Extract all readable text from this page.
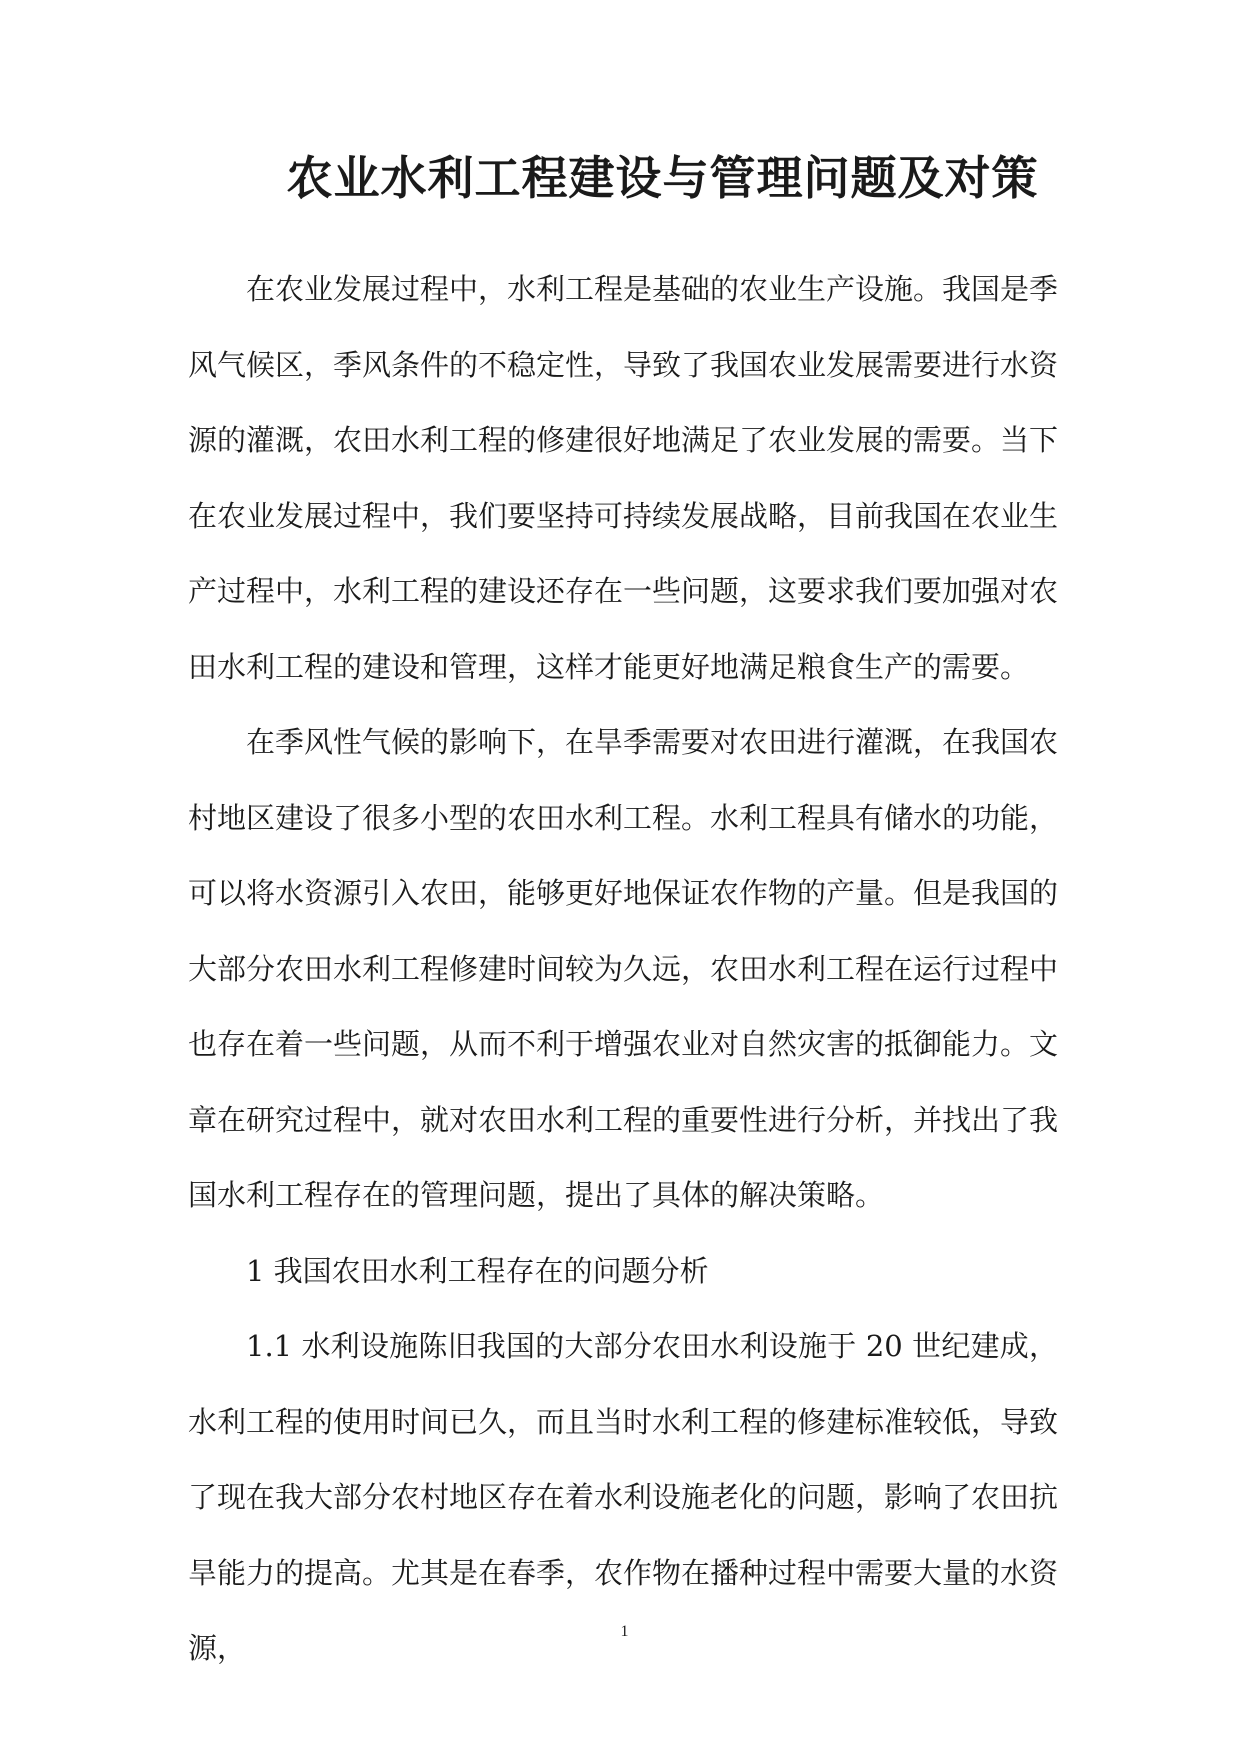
农业水利工程建设与管理问题及对策

在农业发展过程中，水利工程是基础的农业生产设施。我国是季风气候区，季风条件的不稳定性，导致了我国农业发展需要进行水资源的灌溉，农田水利工程的修建很好地满足了农业发展的需要。当下在农业发展过程中，我们要坚持可持续发展战略，目前我国在农业生产过程中，水利工程的建设还存在一些问题，这要求我们要加强对农田水利工程的建设和管理，这样才能更好地满足粮食生产的需要。

在季风性气候的影响下，在旱季需要对农田进行灌溉，在我国农村地区建设了很多小型的农田水利工程。水利工程具有储水的功能，可以将水资源引入农田，能够更好地保证农作物的产量。但是我国的大部分农田水利工程修建时间较为久远，农田水利工程在运行过程中也存在着一些问题，从而不利于增强农业对自然灾害的抵御能力。文章在研究过程中，就对农田水利工程的重要性进行分析，并找出了我国水利工程存在的管理问题，提出了具体的解决策略。

1 我国农田水利工程存在的问题分析

1.1 水利设施陈旧我国的大部分农田水利设施于 20 世纪建成，水利工程的使用时间已久，而且当时水利工程的修建标准较低，导致了现在我大部分农村地区存在着水利设施老化的问题，影响了农田抗旱能力的提高。尤其是在春季，农作物在播种过程中需要大量的水资源，	1
